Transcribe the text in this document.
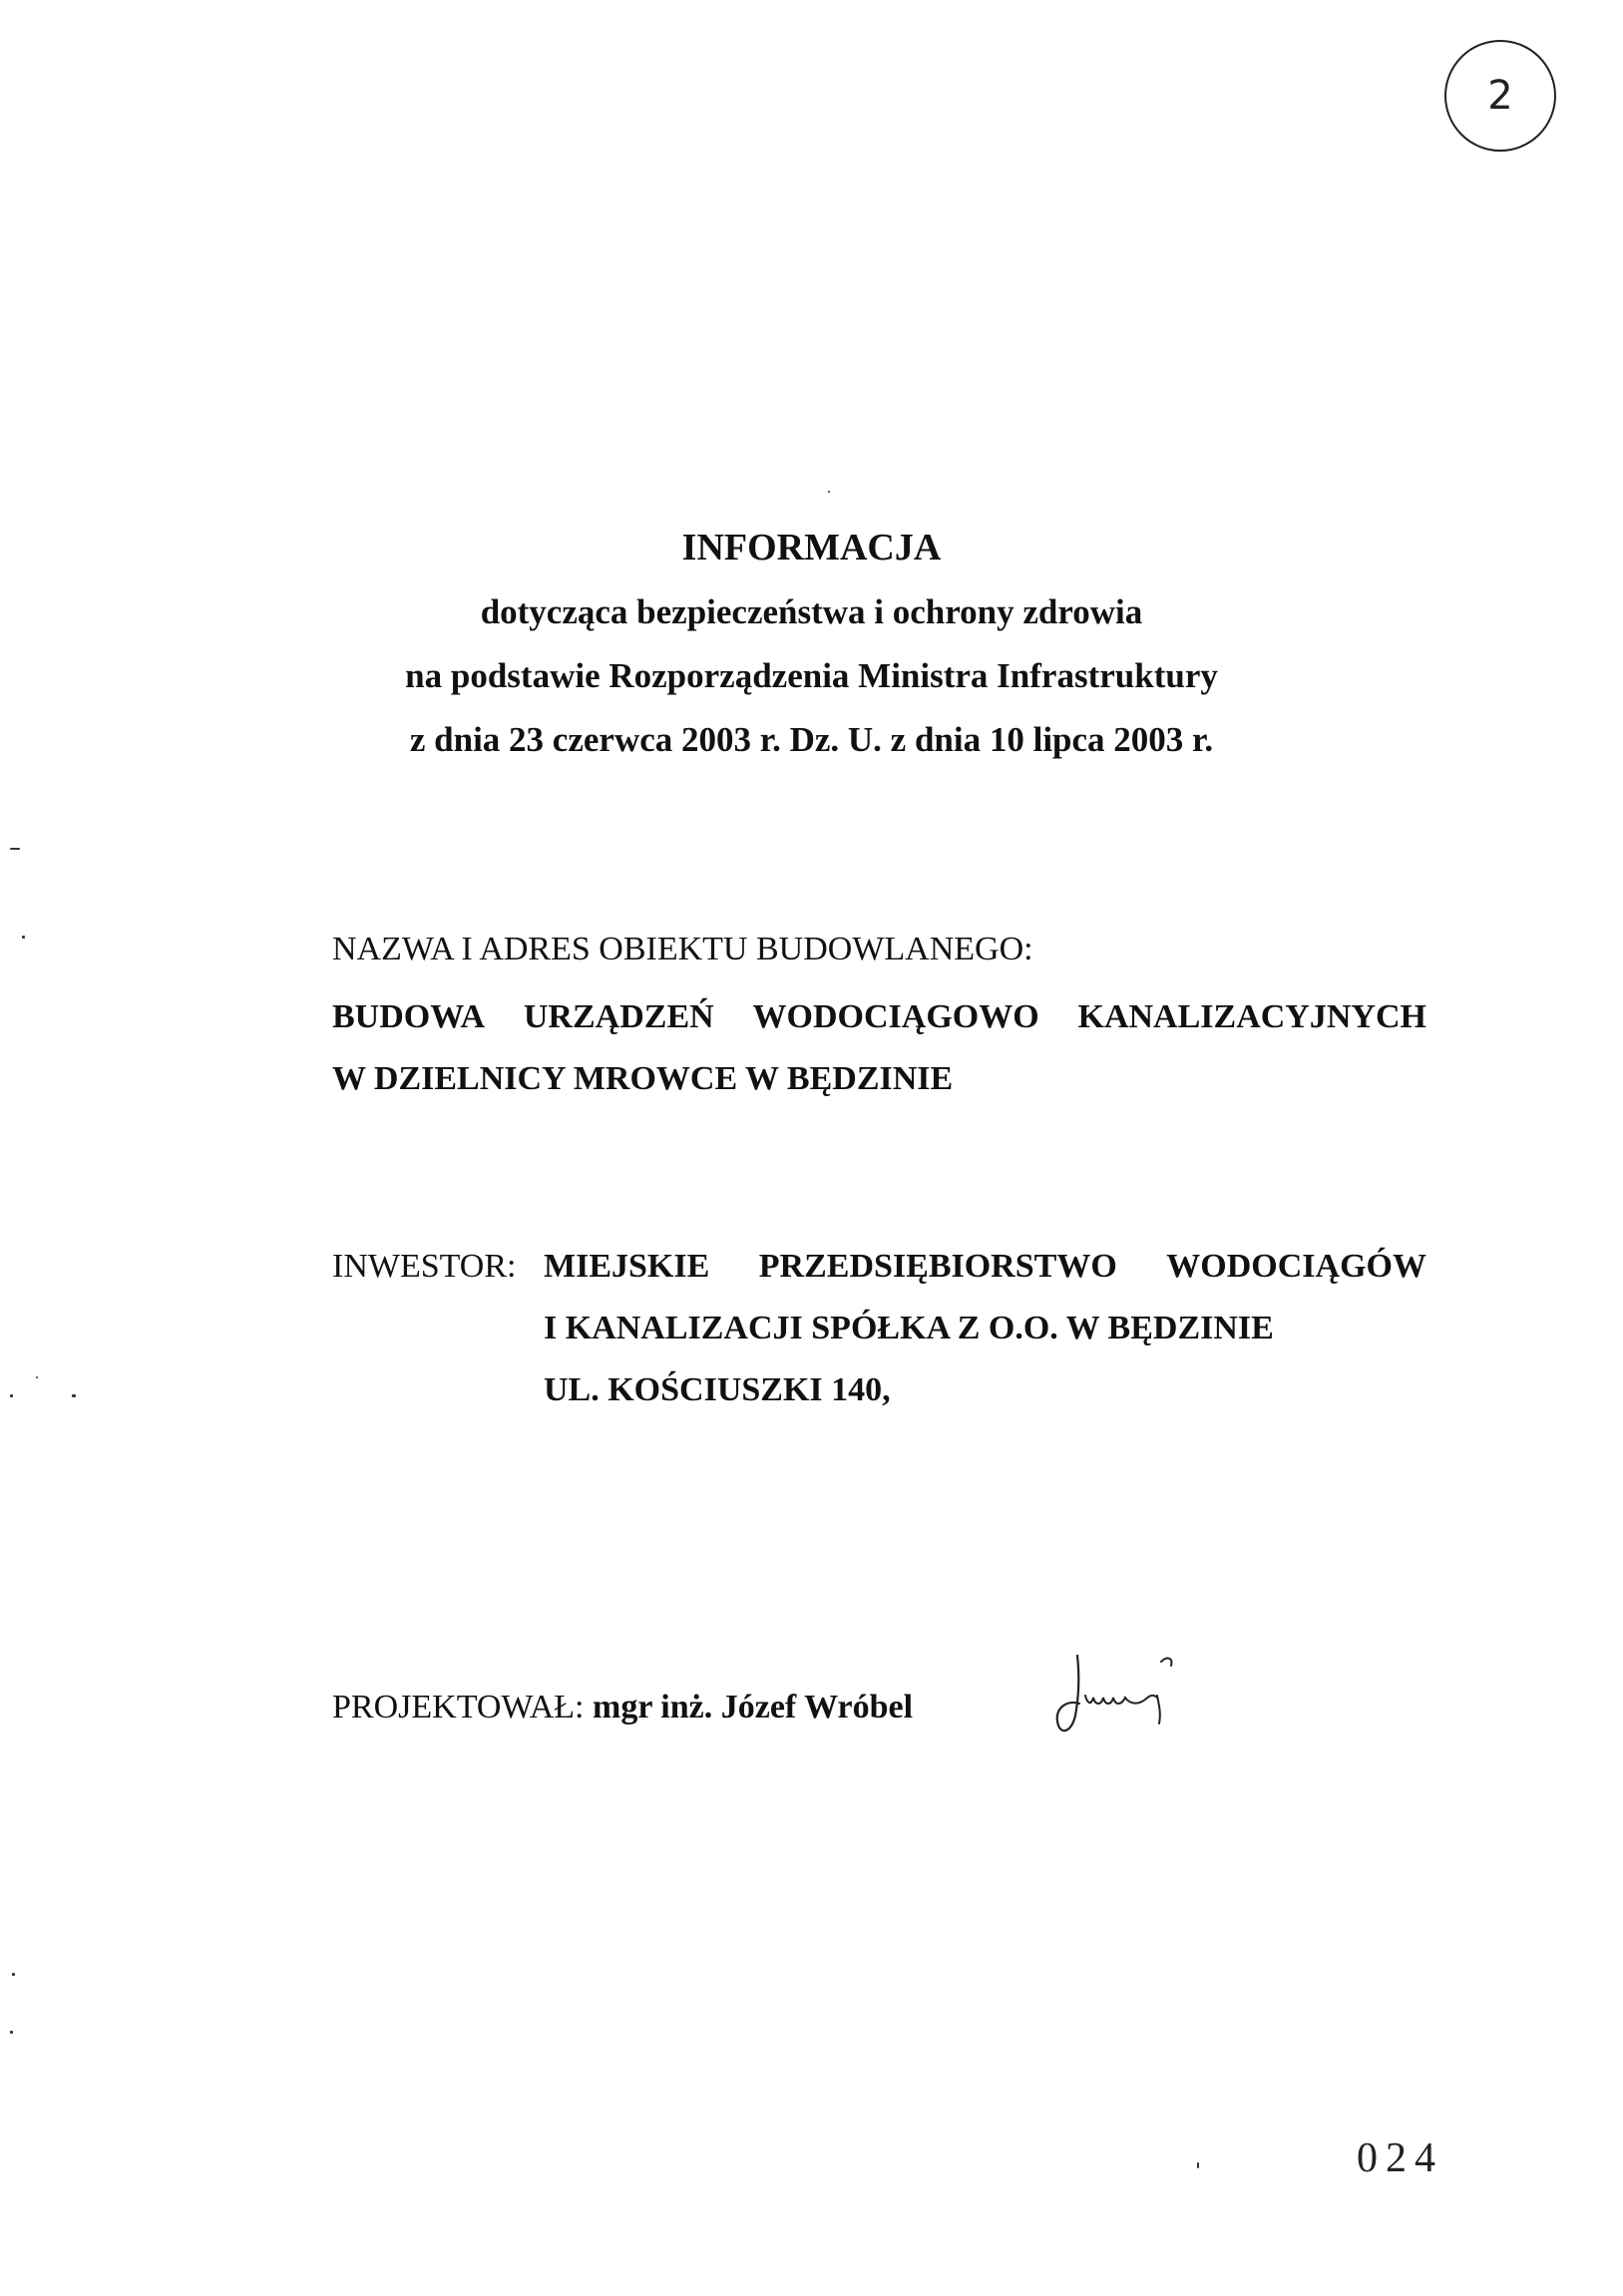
2

INFORMACJA

dotycząca bezpieczeństwa i ochrony zdrowia

na podstawie Rozporządzenia Ministra Infrastruktury

z dnia 23 czerwca 2003 r. Dz. U. z dnia 10 lipca 2003 r.

NAZWA I ADRES OBIEKTU BUDOWLANEGO:
BUDOWA URZĄDZEŃ WODOCIĄGOWO KANALIZACYJNYCH
W DZIELNICY MROWCE W BĘDZINIE
INWESTOR: MIEJSKIE PRZEDSIĘBIORSTWO WODOCIĄGÓW
I KANALIZACJI SPÓŁKA Z O.O. W BĘDZINIE
UL. KOŚCIUSZKI 140,
PROJEKTOWAŁ: mgr inż. Józef Wróbel
024
